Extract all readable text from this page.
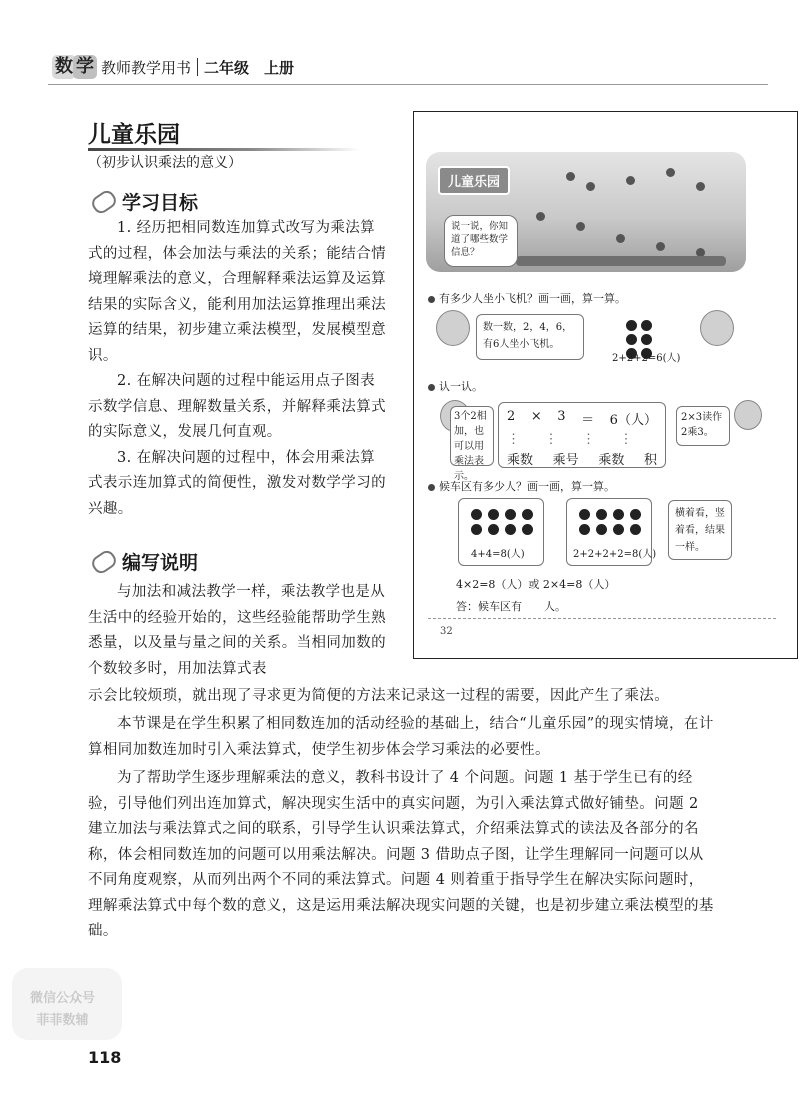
数 学 教师教学用书 二年级　上册
儿童乐园
（初步认识乘法的意义）
学习目标

1. 经历把相同数连加算式改写为乘法算式的过程，体会加法与乘法的关系；能结合情境理解乘法的意义，合理解释乘法运算及运算结果的实际含义，能利用加法运算推理出乘法运算的结果，初步建立乘法模型，发展模型意识。

2. 在解决问题的过程中能运用点子图表示数学信息、理解数量关系，并解释乘法算式的实际意义，发展几何直观。

3. 在解决问题的过程中，体会用乘法算式表示连加算式的简便性，激发对数学学习的兴趣。

编写说明

与加法和减法教学一样，乘法教学也是从生活中的经验开始的，这些经验能帮助学生熟悉量，以及量与量之间的关系。当相同加数的个数较多时，用加法算式表

儿童乐园
说一说，你知道了哪些数学信息？
有多少人坐小飞机？画一画，算一算。
数一数，2，4，6，有6人坐小飞机。
2+2+2=6(人)
认一认。
3个2相加，也可以用乘法表示。
2 × 3 ＝ 6（人）
⋮ ⋮ ⋮ ⋮
乘数 乘号 乘数 积
2×3读作2乘3。
候车区有多少人？画一画，算一算。
4+4=8(人)	2+2+2+2=8(人)
横着看，竖着看，结果一样。
4×2=8（人）或 2×4=8（人）
答：候车区有　　人。
32

示会比较烦琐，就出现了寻求更为简便的方法来记录这一过程的需要，因此产生了乘法。

本节课是在学生积累了相同数连加的活动经验的基础上，结合“儿童乐园”的现实情境，在计算相同加数连加时引入乘法算式，使学生初步体会学习乘法的必要性。

为了帮助学生逐步理解乘法的意义，教科书设计了 4 个问题。问题 1 基于学生已有的经验，引导他们列出连加算式，解决现实生活中的真实问题，为引入乘法算式做好铺垫。问题 2 建立加法与乘法算式之间的联系，引导学生认识乘法算式，介绍乘法算式的读法及各部分的名称，体会相同数连加的问题可以用乘法解决。问题 3 借助点子图，让学生理解同一问题可以从不同角度观察，从而列出两个不同的乘法算式。问题 4 则着重于指导学生在解决实际问题时，理解乘法算式中每个数的意义，这是运用乘法解决现实问题的关键，也是初步建立乘法模型的基础。

微信公众号
菲菲数辅
118
